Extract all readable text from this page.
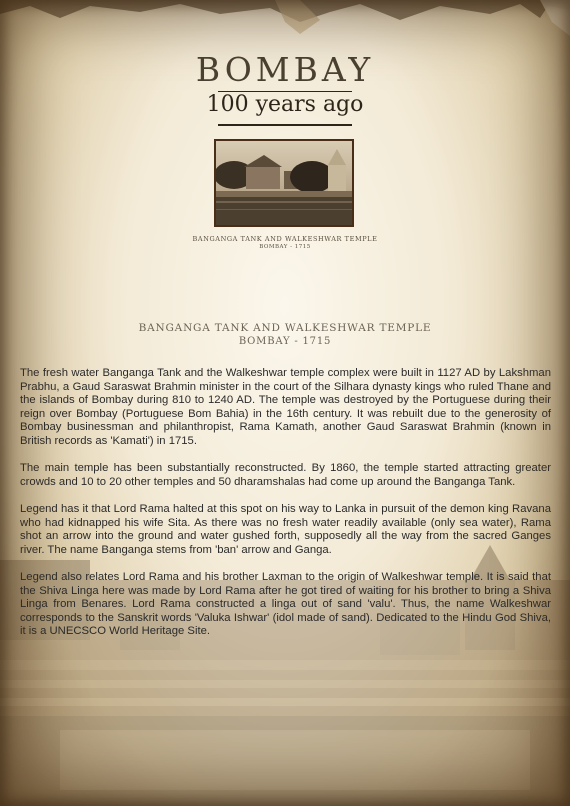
BOMBAY
100 years ago
BANGANGA TANK AND WALKESHWAR TEMPLE
BOMBAY - 1715
BANGANGA TANK AND WALKESHWAR TEMPLE
BOMBAY - 1715

The fresh water Banganga Tank and the Walkeshwar temple complex were built in 1127 AD by Lakshman Prabhu, a Gaud Saraswat Brahmin minister in the court of the Silhara dynasty kings who ruled Thane and the islands of Bombay during 810 to 1240 AD. The temple was destroyed by the Portuguese during their reign over Bombay (Portuguese Bom Bahia) in the 16th century. It was rebuilt due to the generosity of Bombay businessman and philanthropist, Rama Kamath, another Gaud Saraswat Brahmin (known in British records as 'Kamati') in 1715.

The main temple has been substantially reconstructed. By 1860, the temple started attracting greater crowds and 10 to 20 other temples and 50 dharamshalas had come up around the Banganga Tank.

Legend has it that Lord Rama halted at this spot on his way to Lanka in pursuit of the demon king Ravana who had kidnapped his wife Sita. As there was no fresh water readily available (only sea water), Rama shot an arrow into the ground and water gushed forth, supposedly all the way from the sacred Ganges river. The name Banganga stems from 'ban' arrow and Ganga.

Legend also relates Lord Rama and his brother Laxman to the origin of Walkeshwar temple. It is said that the Shiva Linga here was made by Lord Rama after he got tired of waiting for his brother to bring a Shiva Linga from Benares. Lord Rama constructed a linga out of sand 'valu'. Thus, the name Walkeshwar corresponds to the Sanskrit words 'Valuka Ishwar' (idol made of sand). Dedicated to the Hindu God Shiva, it is a UNECSCO World Heritage Site.
